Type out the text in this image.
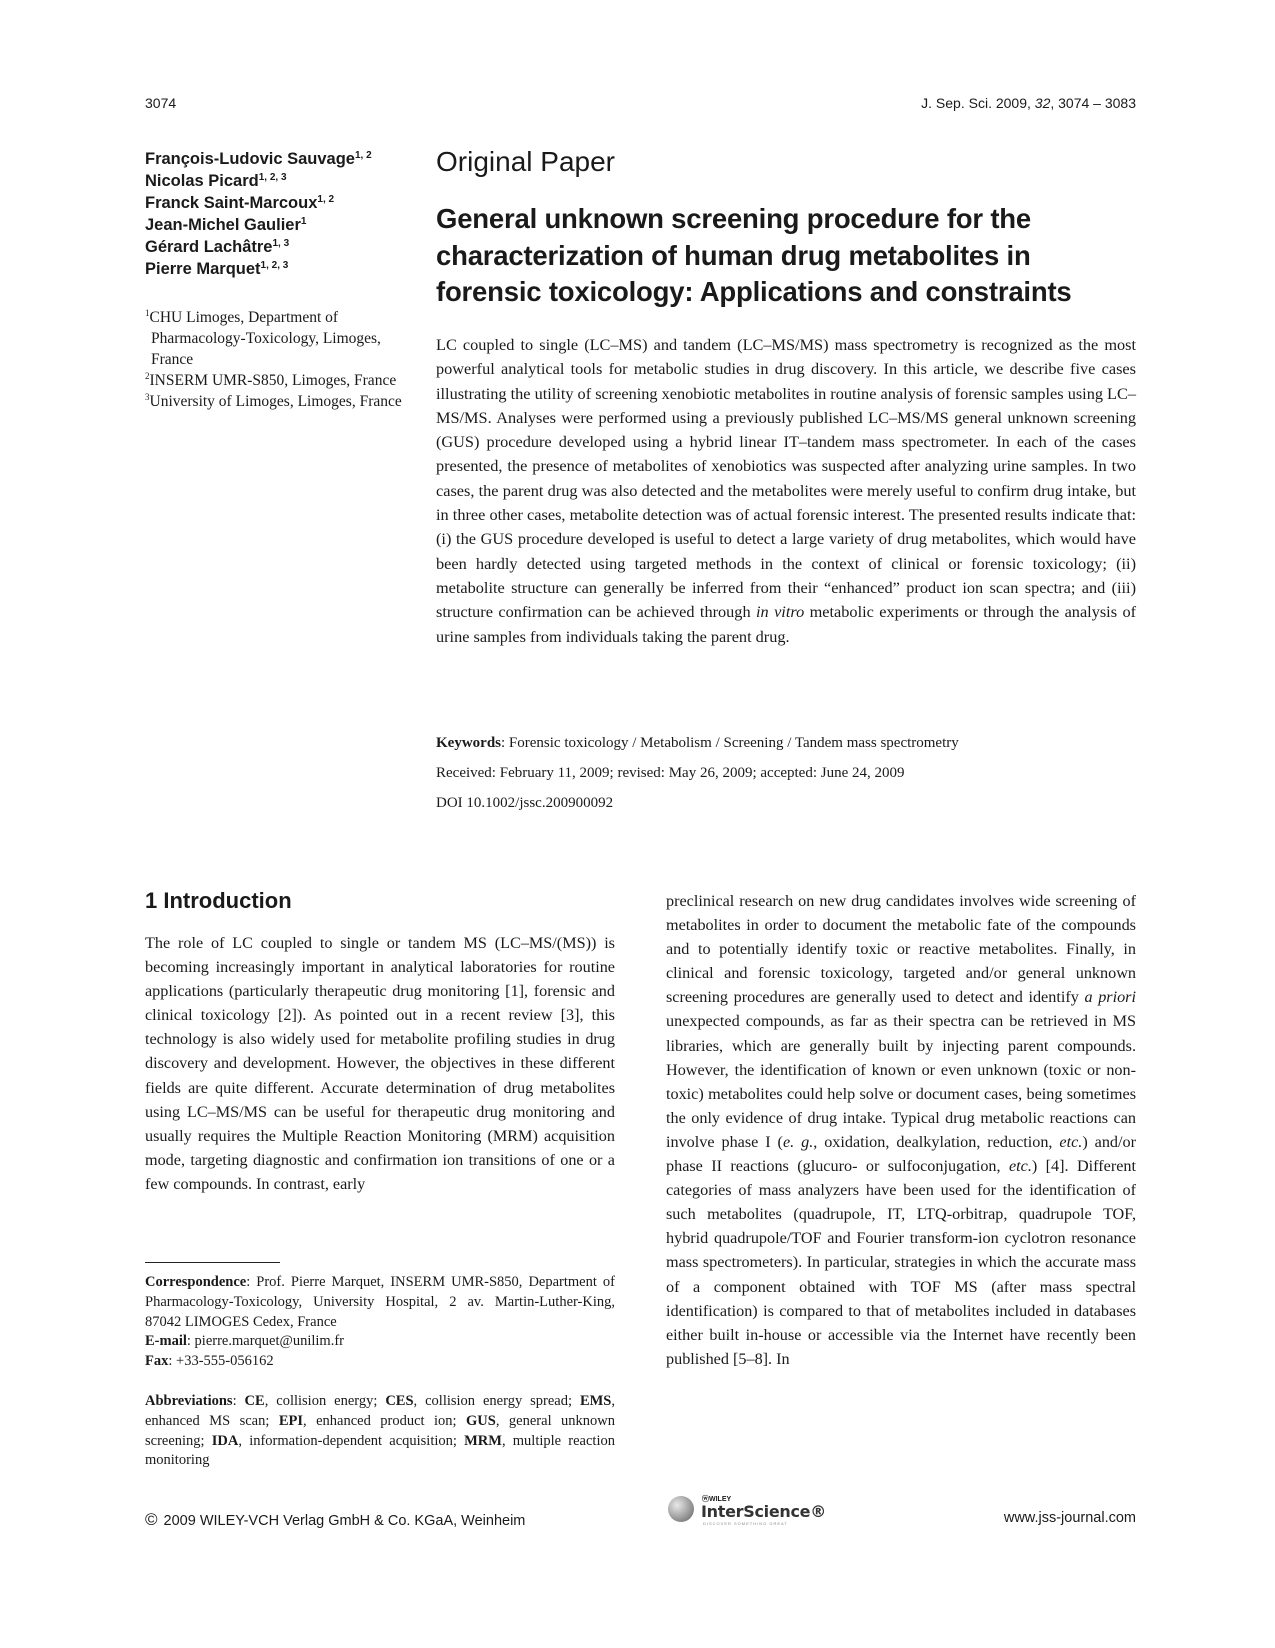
3074	J. Sep. Sci. 2009, 32, 3074 – 3083
François-Ludovic Sauvage$^{1, 2}$
Nicolas Picard$^{1, 2, 3}$
Franck Saint-Marcoux$^{1, 2}$
Jean-Michel Gaulier$^1$
Gérard Lachâtre$^{1, 3}$
Pierre Marquet$^{1, 2, 3}$
$^1$CHU Limoges, Department of Pharmacology-Toxicology, Limoges, France
$^2$INSERM UMR-S850, Limoges, France
$^3$University of Limoges, Limoges, France
Original Paper
General unknown screening procedure for the characterization of human drug metabolites in forensic toxicology: Applications and constraints
LC coupled to single (LC–MS) and tandem (LC–MS/MS) mass spectrometry is recognized as the most powerful analytical tools for metabolic studies in drug discovery. In this article, we describe five cases illustrating the utility of screening xenobiotic metabolites in routine analysis of forensic samples using LC–MS/MS. Analyses were performed using a previously published LC–MS/MS general unknown screening (GUS) procedure developed using a hybrid linear IT–tandem mass spectrometer. In each of the cases presented, the presence of metabolites of xenobiotics was suspected after analyzing urine samples. In two cases, the parent drug was also detected and the metabolites were merely useful to confirm drug intake, but in three other cases, metabolite detection was of actual forensic interest. The presented results indicate that: (i) the GUS procedure developed is useful to detect a large variety of drug metabolites, which would have been hardly detected using targeted methods in the context of clinical or forensic toxicology; (ii) metabolite structure can generally be inferred from their “enhanced” product ion scan spectra; and (iii) structure confirmation can be achieved through in vitro metabolic experiments or through the analysis of urine samples from individuals taking the parent drug.
Keywords: Forensic toxicology / Metabolism / Screening / Tandem mass spectrometry
Received: February 11, 2009; revised: May 26, 2009; accepted: June 24, 2009
DOI 10.1002/jssc.200900092
1 Introduction
The role of LC coupled to single or tandem MS (LC–MS/(MS)) is becoming increasingly important in analytical laboratories for routine applications (particularly therapeutic drug monitoring [1], forensic and clinical toxicology [2]). As pointed out in a recent review [3], this technology is also widely used for metabolite profiling studies in drug discovery and development. However, the objectives in these different fields are quite different. Accurate determination of drug metabolites using LC–MS/MS can be useful for therapeutic drug monitoring and usually requires the Multiple Reaction Monitoring (MRM) acquisition mode, targeting diagnostic and confirmation ion transitions of one or a few compounds. In contrast, early
preclinical research on new drug candidates involves wide screening of metabolites in order to document the metabolic fate of the compounds and to potentially identify toxic or reactive metabolites. Finally, in clinical and forensic toxicology, targeted and/or general unknown screening procedures are generally used to detect and identify a priori unexpected compounds, as far as their spectra can be retrieved in MS libraries, which are generally built by injecting parent compounds. However, the identification of known or even unknown (toxic or non-toxic) metabolites could help solve or document cases, being sometimes the only evidence of drug intake. Typical drug metabolic reactions can involve phase I (e. g., oxidation, dealkylation, reduction, etc.) and/or phase II reactions (glucuro- or sulfoconjugation, etc.) [4]. Different categories of mass analyzers have been used for the identification of such metabolites (quadrupole, IT, LTQ-orbitrap, quadrupole TOF, hybrid quadrupole/TOF and Fourier transform-ion cyclotron resonance mass spectrometers). In particular, strategies in which the accurate mass of a component obtained with TOF MS (after mass spectral identification) is compared to that of metabolites included in databases either built in-house or accessible via the Internet have recently been published [5–8]. In
Correspondence: Prof. Pierre Marquet, INSERM UMR-S850, Department of Pharmacology-Toxicology, University Hospital, 2 av. Martin-Luther-King, 87042 LIMOGES Cedex, France
E-mail: pierre.marquet@unilim.fr
Fax: +33-555-056162
Abbreviations: CE, collision energy; CES, collision energy spread; EMS, enhanced MS scan; EPI, enhanced product ion; GUS, general unknown screening; IDA, information-dependent acquisition; MRM, multiple reaction monitoring
© 2009 WILEY-VCH Verlag GmbH & Co. KGaA, Weinheim
ⓦWILEY
InterScience®
DISCOVER SOMETHING GREAT	www.jss-journal.com
